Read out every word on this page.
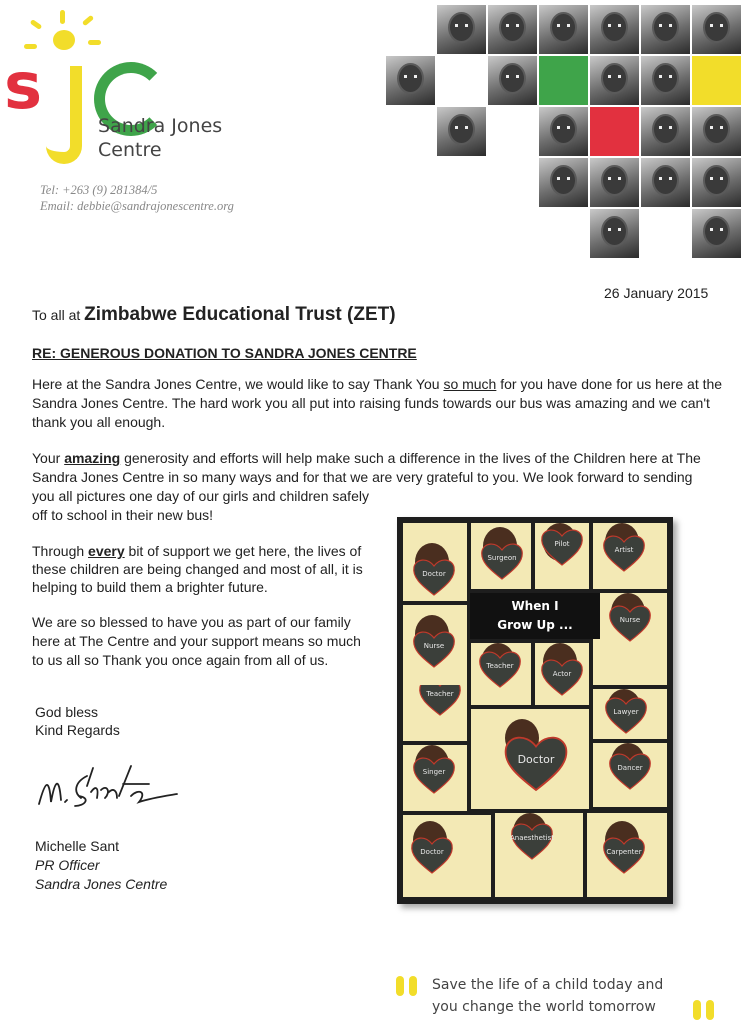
s
Sandra Jones
Centre
Tel: +263 (9) 281384/5
Email: debbie@sandrajonescentre.org
26 January 2015
To all at Zimbabwe Educational Trust (ZET)
RE: GENEROUS DONATION TO SANDRA JONES CENTRE
Here at the Sandra Jones Centre, we would like to say Thank You so much for you have done for us here at the
Sandra Jones Centre. The hard work you all put into raising funds towards our bus was amazing and we can't
thank you all enough.
Your amazing generosity and efforts will help make such a difference in the lives of the Children here at The
Sandra Jones Centre in so many ways and for that we are very grateful to you. We look forward to sending
you all pictures one day of our girls and children safely
off to school in their new bus!
Through every bit of support we get here, the lives of
these children are being changed and most of all, it is
helping to build them a brighter future.
We are so blessed to have you as part of our family
here at The Centre and your support means so much
to us all so Thank you once again from all of us.
God bless
Kind Regards
Michelle Sant
PR Officer
Sandra Jones Centre
Carpenter
Anaesthetist
Doctor
Dancer
Singer
Doctor
Lawyer
Teacher
Nurse
Actor
Teacher
Nurse
Artist
Pilot
Surgeon
Doctor
When I
Grow Up ...
Save the life of a child today and
you change the world tomorrow
